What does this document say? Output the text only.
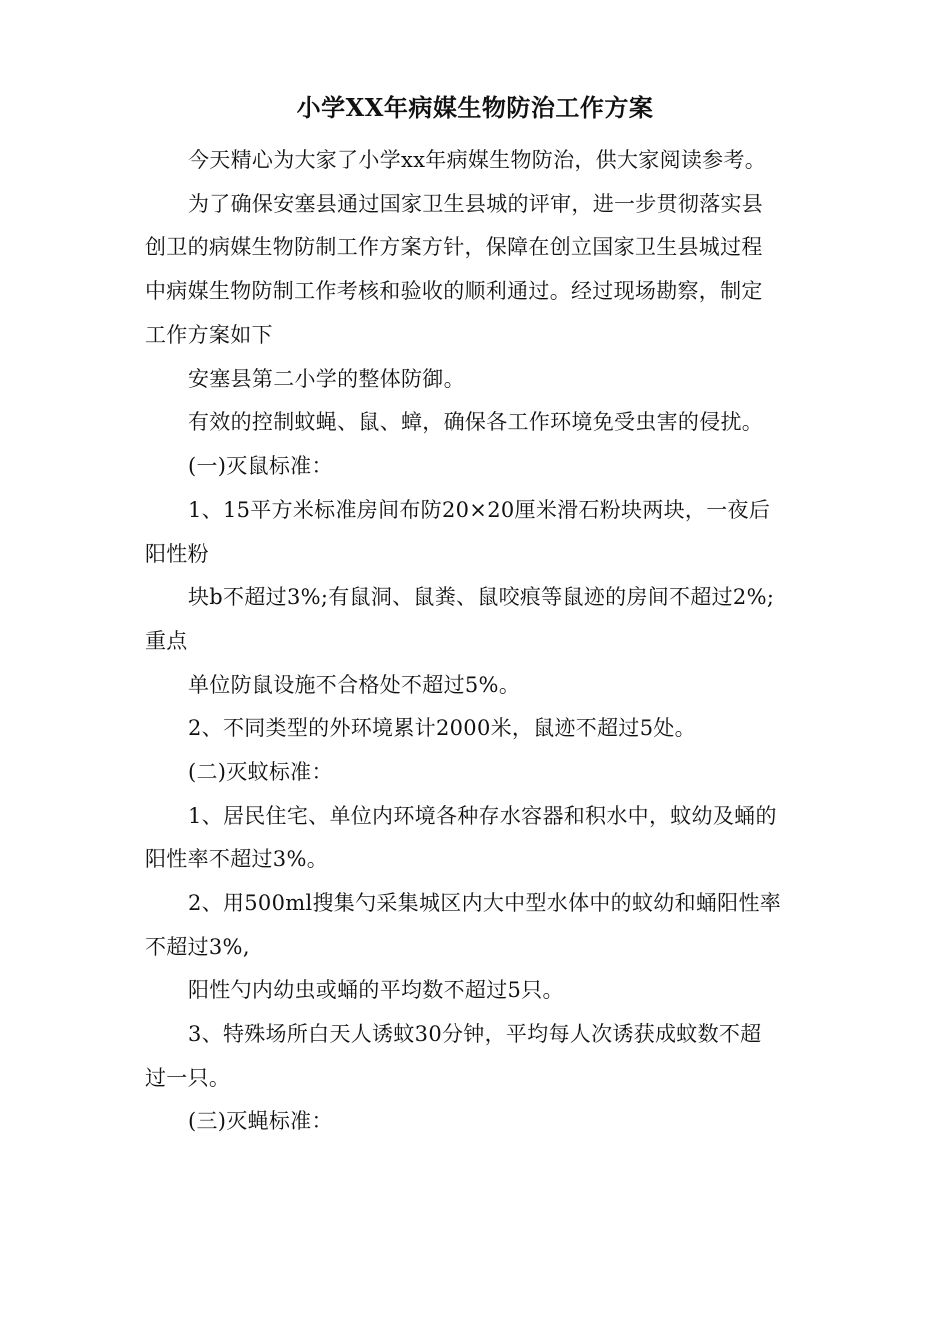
小学XX年病媒生物防治工作方案
今天精心为大家了小学xx年病媒生物防治，供大家阅读参考。
为了确保安塞县通过国家卫生县城的评审，进一步贯彻落实县
创卫的病媒生物防制工作方案方针，保障在创立国家卫生县城过程
中病媒生物防制工作考核和验收的顺利通过。经过现场勘察，制定
工作方案如下
安塞县第二小学的整体防御。
有效的控制蚊蝇、鼠、蟑，确保各工作环境免受虫害的侵扰。
(一)灭鼠标准：
1、15平方米标准房间布防20×20厘米滑石粉块两块，一夜后
阳性粉
块b不超过3%;有鼠洞、鼠粪、鼠咬痕等鼠迹的房间不超过2%;
重点
单位防鼠设施不合格处不超过5%。
2、不同类型的外环境累计2000米，鼠迹不超过5处。
(二)灭蚊标准：
1、居民住宅、单位内环境各种存水容器和积水中，蚊幼及蛹的
阳性率不超过3%。
2、用500ml搜集勺采集城区内大中型水体中的蚊幼和蛹阳性率
不超过3%,
阳性勺内幼虫或蛹的平均数不超过5只。
3、特殊场所白天人诱蚊30分钟，平均每人次诱获成蚊数不超
过一只。
(三)灭蝇标准：
